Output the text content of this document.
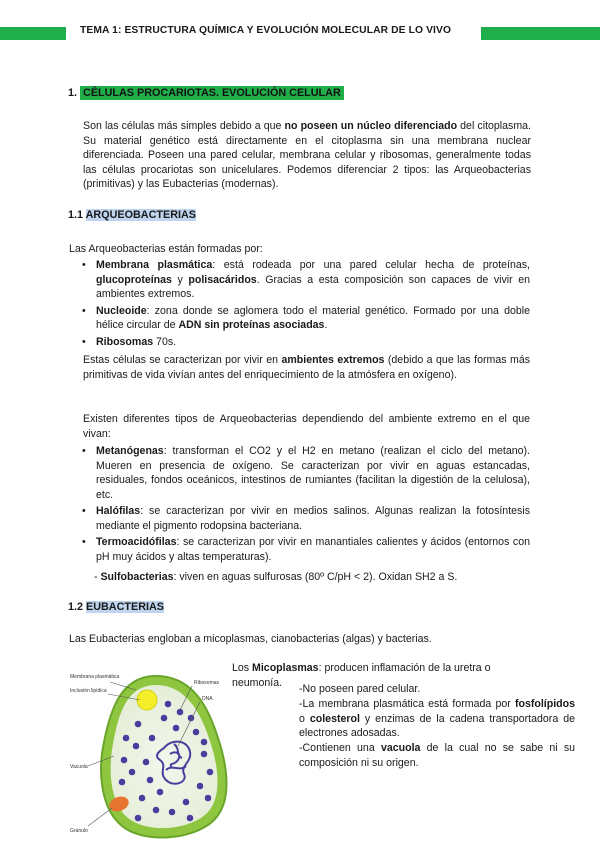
TEMA 1: ESTRUCTURA QUÍMICA Y EVOLUCIÓN MOLECULAR DE LO VIVO
1. CÉLULAS PROCARIOTAS. EVOLUCIÓN CELULAR
Son las células más simples debido a que no poseen un núcleo diferenciado del citoplasma. Su material genético está directamente en el citoplasma sin una membrana nuclear diferenciada. Poseen una pared celular, membrana celular y ribosomas, generalmente todas las células procariotas son unicelulares. Podemos diferenciar 2 tipos: las Arqueobacterias (primitivas) y las Eubacterias (modernas).
1.1 ARQUEOBACTERIAS
Las Arqueobacterias están formadas por:
• Membrana plasmática: está rodeada por una pared celular hecha de proteínas, glucoproteínas y polisacáridos. Gracias a esta composición son capaces de vivir en ambientes extremos.
• Nucleoide: zona donde se aglomera todo el material genético. Formado por una doble hélice circular de ADN sin proteínas asociadas.
• Ribosomas 70s.
Estas células se caracterizan por vivir en ambientes extremos (debido a que las formas más primitivas de vida vivían antes del enriquecimiento de la atmósfera en oxígeno).
Existen diferentes tipos de Arqueobacterias dependiendo del ambiente extremo en el que vivan:
• Metanógenas: transforman el CO2 y el H2 en metano (realizan el ciclo del metano). Mueren en presencia de oxígeno. Se caracterizan por vivir en aguas estancadas, residuales, fondos oceánicos, intestinos de rumiantes (facilitan la digestión de la celulosa), etc.
• Halófilas: se caracterizan por vivir en medios salinos. Algunas realizan la fotosíntesis mediante el pigmento rodopsina bacteriana.
• Termoacidófilas: se caracterizan por vivir en manantiales calientes y ácidos (entornos con pH muy ácidos y altas temperaturas).
- Sulfobacterias: viven en aguas sulfurosas (80º C/pH < 2). Oxidan SH2 a S.
1.2 EUBACTERIAS
Las Eubacterias engloban a micoplasmas, cianobacterias (algas) y bacterias.
Membrana plasmática
Inclusión lipídica
Ribosomas
DNA
Vacuola
Gránulo
Los Micoplasmas: producen inflamación de la uretra o neumonía.
-No poseen pared celular.
-La membrana plasmática está formada por fosfolípidos o colesterol y enzimas de la cadena transportadora de electrones adosadas.
-Contienen una vacuola de la cual no se sabe ni su composición ni su origen.
